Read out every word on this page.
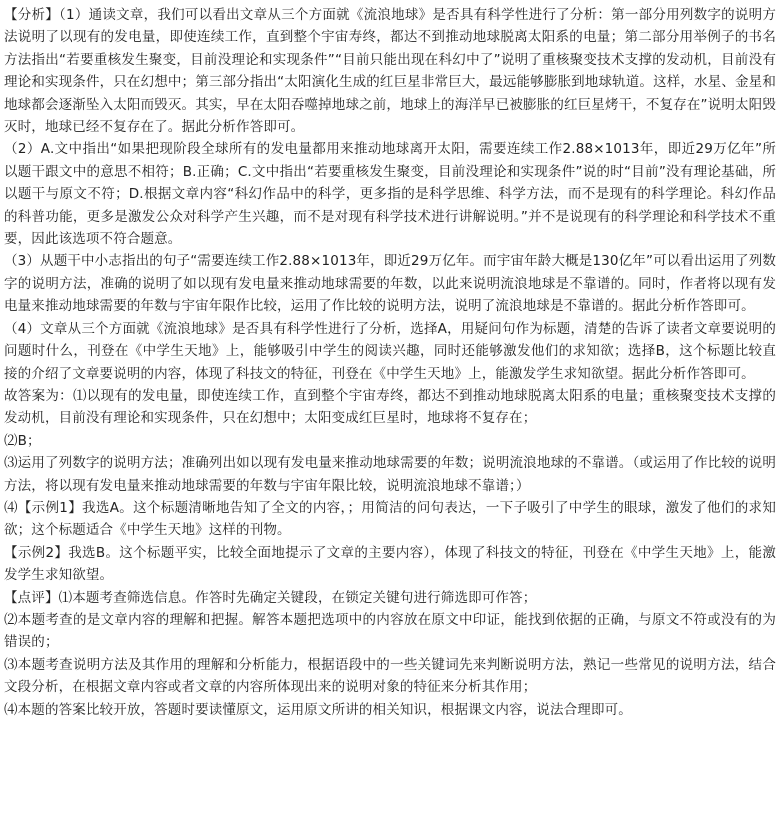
【分析】（1）通读文章，我们可以看出文章从三个方面就《流浪地球》是否具有科学性进行了分析：第一部分用列数字的说明方法说明了以现有的发电量，即使连续工作，直到整个宇宙寿终，都达不到推动地球脱离太阳系的电量；第二部分用举例子的书名方法指出“若要重核发生聚变，目前没理论和实现条件”“目前只能出现在科幻中了”说明了重核聚变技术支撑的发动机，目前没有理论和实现条件，只在幻想中；第三部分指出“太阳演化生成的红巨星非常巨大，最远能够膨胀到地球轨道。这样，水星、金星和地球都会逐渐坠入太阳而毁灭。其实，早在太阳吞噬掉地球之前，地球上的海洋早已被膨胀的红巨星烤干，不复存在”说明太阳毁灭时，地球已经不复存在了。据此分析作答即可。

（2）A.文中指出“如果把现阶段全球所有的发电量都用来推动地球离开太阳，需要连续工作2.88×1013年，即近29万亿年”所以题干跟文中的意思不相符；B.正确；C.文中指出“若要重核发生聚变，目前没理论和实现条件”说的时“目前”没有理论基础，所以题干与原文不符；D.根据文章内容“科幻作品中的科学，更多指的是科学思维、科学方法，而不是现有的科学理论。科幻作品的科普功能，更多是激发公众对科学产生兴趣，而不是对现有科学技术进行讲解说明。”并不是说现有的科学理论和科学技术不重要，因此该选项不符合题意。

（3）从题干中小志指出的句子“需要连续工作2.88×1013年，即近29万亿年。而宇宙年龄大概是130亿年”可以看出运用了列数字的说明方法，准确的说明了如以现有发电量来推动地球需要的年数，以此来说明流浪地球是不靠谱的。同时，作者将以现有发电量来推动地球需要的年数与宇宙年限作比较，运用了作比较的说明方法，说明了流浪地球是不靠谱的。据此分析作答即可。

（4）文章从三个方面就《流浪地球》是否具有科学性进行了分析，选择A，用疑问句作为标题，清楚的告诉了读者文章要说明的问题时什么，刊登在《中学生天地》上，能够吸引中学生的阅读兴趣，同时还能够激发他们的求知欲；选择B，这个标题比较直接的介绍了文章要说明的内容，体现了科技文的特征，刊登在《中学生天地》上，能激发学生求知欲望。据此分析作答即可。

故答案为：⑴以现有的发电量，即使连续工作，直到整个宇宙寿终，都达不到推动地球脱离太阳系的电量；重核聚变技术支撑的发动机，目前没有理论和实现条件，只在幻想中；太阳变成红巨星时，地球将不复存在；

⑵B；

⑶运用了列数字的说明方法；准确列出如以现有发电量来推动地球需要的年数；说明流浪地球的不靠谱。（或运用了作比较的说明方法，将以现有发电量来推动地球需要的年数与宇宙年限比较，说明流浪地球不靠谱；）

⑷【示例1】我选A。这个标题清晰地告知了全文的内容，；用简洁的问句表达，一下子吸引了中学生的眼球，激发了他们的求知欲；这个标题适合《中学生天地》这样的刊物。

【示例2】我选B。这个标题平实，比较全面地提示了文章的主要内容），体现了科技文的特征，刊登在《中学生天地》上，能激发学生求知欲望。

【点评】⑴本题考查筛选信息。作答时先确定关键段，在锁定关键句进行筛选即可作答；

⑵本题考查的是文章内容的理解和把握。解答本题把选项中的内容放在原文中印证，能找到依据的正确，与原文不符或没有的为错误的；

⑶本题考查说明方法及其作用的理解和分析能力，根据语段中的一些关键词先来判断说明方法，熟记一些常见的说明方法，结合文段分析，在根据文章内容或者文章的内容所体现出来的说明对象的特征来分析其作用；

⑷本题的答案比较开放，答题时要读懂原文，运用原文所讲的相关知识，根据课文内容，说法合理即可。
